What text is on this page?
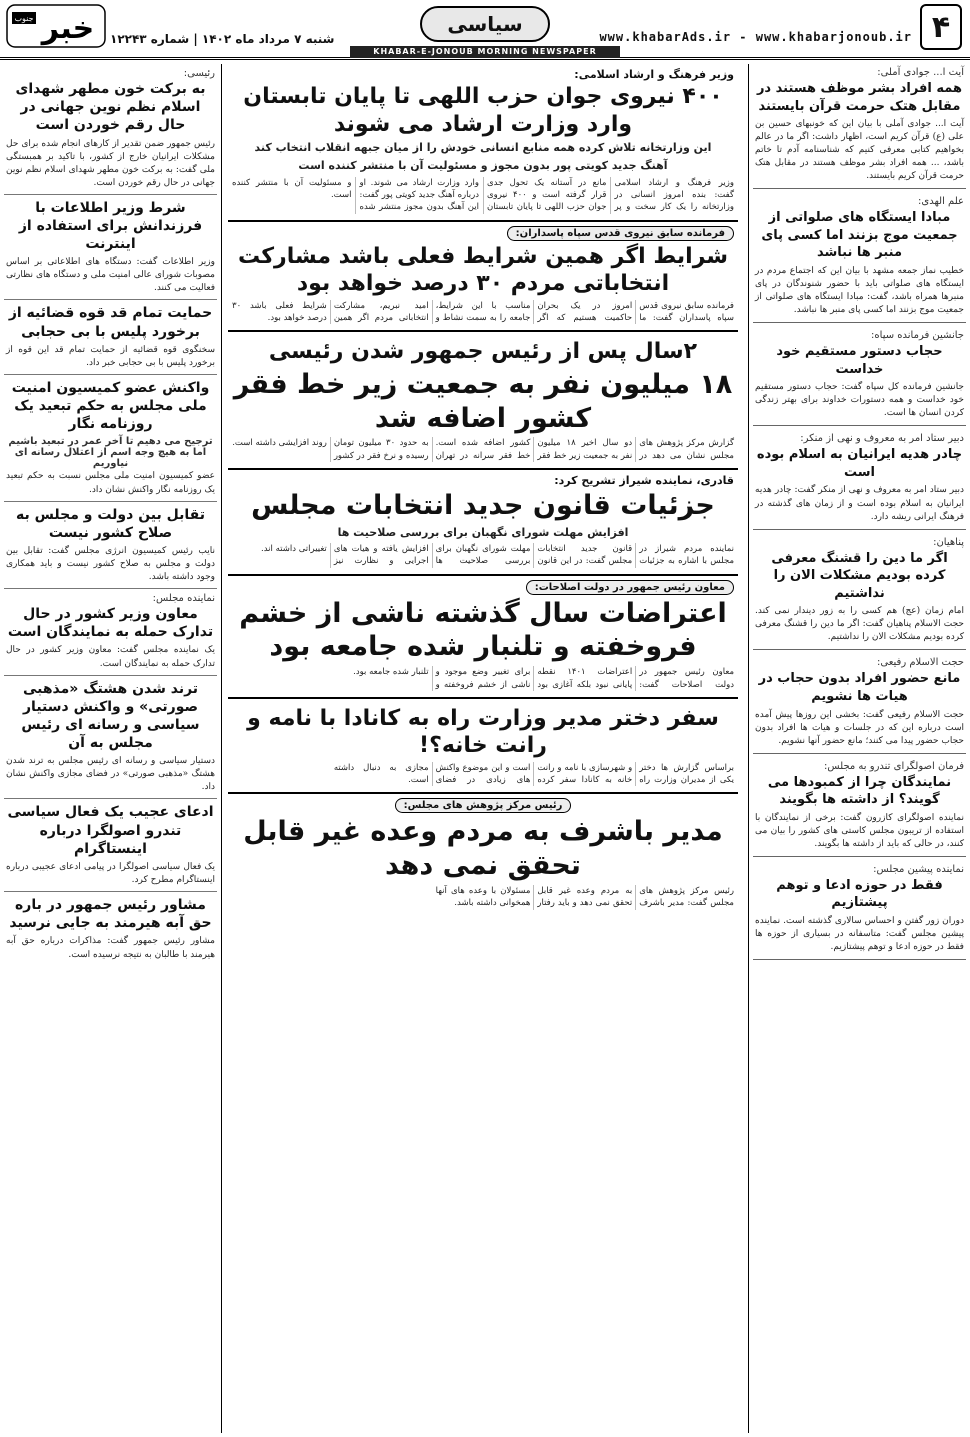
۴
www.khabarAds.ir - www.khabarjonoub.ir
سیاسی
KHABAR-E-JONOUB MORNING NEWSPAPER
خبر
جنوب
شنبه ۷ مرداد ماه ۱۴۰۲ | شماره ۱۲۲۴۳
آیت ا... جوادی آملی:
همه افراد بشر موظف هستند در مقابل هتک حرمت قرآن بایستند
آیت ا... جوادی آملی با بیان این که خونبهای حسین بن علی (ع) قرآن کریم است، اظهار داشت: اگر ما در عالم بخواهیم کتابی معرفی کنیم که شناسنامه آدم تا خاتم باشد، ... همه افراد بشر موظف هستند در مقابل هتک حرمت قرآن کریم بایستند.
علم الهدی:
مبادا ایستگاه های صلواتی از جمعیت موج بزنند اما کسی پای منبر ها نباشد
خطیب نماز جمعه مشهد با بیان این که اجتماع مردم در ایستگاه های صلواتی باید با حضور شنوندگان در پای منبرها همراه باشد، گفت: مبادا ایستگاه های صلواتی از جمعیت موج بزنند اما کسی پای منبر ها نباشد.
جانشین فرمانده سپاه:
حجاب دستور مستقیم خود خداست
جانشین فرمانده کل سپاه گفت: حجاب دستور مستقیم خود خداست و همه دستورات خداوند برای بهتر زندگی کردن انسان ها است.
دبیر ستاد امر به معروف و نهی از منکر:
چادر هدیه ایرانیان به اسلام بوده است
دبیر ستاد امر به معروف و نهی از منکر گفت: چادر هدیه ایرانیان به اسلام بوده است و از زمان های گذشته در فرهنگ ایرانی ریشه دارد.
پناهیان:
اگر ما دین را قشنگ معرفی کرده بودیم مشکلات الان را نداشتیم
امام زمان (عج) هم کسی را به زور دیندار نمی کند. حجت الاسلام پناهیان گفت: اگر ما دین را قشنگ معرفی کرده بودیم مشکلات الان را نداشتیم.
حجت الاسلام رفیعی:
مانع حضور افراد بدون حجاب در هیات ها نشویم
حجت الاسلام رفیعی گفت: بخشی این روزها پیش آمده است درباره این که در جلسات و هیات ها افراد بدون حجاب حضور پیدا می کنند؛ مانع حضور آنها نشویم.
فرمان اصولگرای تندرو به مجلس:
نمایندگان چرا از کمبودها می گویند؟ از داشته ها بگویند
نماینده اصولگرای کازرون گفت: برخی از نمایندگان با استفاده از تریبون مجلس کاستی های کشور را بیان می کنند، در حالی که باید از داشته ها بگویند.
نماینده پیشین مجلس:
فقط در حوزه ادعا و توهم پیشتازیم
دوران زور گفتن و احساس سالاری گذشته است. نماینده پیشین مجلس گفت: متاسفانه در بسیاری از حوزه ها فقط در حوزه ادعا و توهم پیشتازیم.
وزیر فرهنگ و ارشاد اسلامی:
۴۰۰ نیروی جوان حزب اللهی تا پایان تابستان وارد وزارت ارشاد می شوند
این وزارتخانه تلاش کرده همه منابع انسانی خودش را از میان جبهه انقلاب انتخاب کند
آهنگ جدید کویتی پور بدون مجوز و مسئولیت آن با منتشر کننده است
وزیر فرهنگ و ارشاد اسلامی گفت: بنده امروز انسانی در وزارتخانه را یک کار سخت و پر مانع در آستانه یک تحول جدی قرار گرفته است و ۴۰۰ نیروی جوان حزب اللهی تا پایان تابستان وارد وزارت ارشاد می شوند. او درباره آهنگ جدید کویتی پور گفت: این آهنگ بدون مجوز منتشر شده و مسئولیت آن با منتشر کننده است.
فرمانده سابق نیروی قدس سپاه پاسداران:
شرایط اگر همین شرایط فعلی باشد مشارکت انتخاباتی مردم ۳۰ درصد خواهد بود
فرمانده سابق نیروی قدس سپاه پاسداران گفت: ما امروز در یک بحران حاکمیت هستیم که اگر مناسب با این شرایط، جامعه را به سمت نشاط و امید نبریم، مشارکت انتخاباتی مردم اگر همین شرایط فعلی باشد ۳۰ درصد خواهد بود.
۲سال پس از رئیس جمهور شدن رئیسی
۱۸ میلیون نفر به جمعیت زیر خط فقر کشور اضافه شد
گزارش مرکز پژوهش های مجلس نشان می دهد در دو سال اخیر ۱۸ میلیون نفر به جمعیت زیر خط فقر کشور اضافه شده است. خط فقر سرانه در تهران به حدود ۳۰ میلیون تومان رسیده و نرخ فقر در کشور روند افزایشی داشته است.
قادری، نماینده شیراز تشریح کرد:
جزئیات قانون جدید انتخابات مجلس
افزایش مهلت شورای نگهبان برای بررسی صلاحیت ها
نماینده مردم شیراز در مجلس با اشاره به جزئیات قانون جدید انتخابات مجلس گفت: در این قانون مهلت شورای نگهبان برای بررسی صلاحیت ها افزایش یافته و هیات های اجرایی و نظارت نیز تغییراتی داشته اند.
معاون رئیس جمهور در دولت اصلاحات:
اعتراضات سال گذشته ناشی از خشم فروخفته و تلنبار شده جامعه بود
معاون رئیس جمهور در دولت اصلاحات گفت: اعتراضات ۱۴۰۱ نقطه پایانی نبود بلکه آغازی بود برای تغییر وضع موجود و ناشی از خشم فروخفته و تلنبار شده جامعه بود.
سفر دختر مدیر وزارت راه به کانادا با نامه و رانت خانه؟!
براساس گزارش ها دختر یکی از مدیران وزارت راه و شهرسازی با نامه و رانت خانه به کانادا سفر کرده است و این موضوع واکنش های زیادی در فضای مجازی به دنبال داشته است.
رئیس مرکز پژوهش های مجلس:
مدیر باشرف به مردم وعده غیر قابل تحقق نمی دهد
رئیس مرکز پژوهش های مجلس گفت: مدیر باشرف به مردم وعده غیر قابل تحقق نمی دهد و باید رفتار مسئولان با وعده های آنها همخوانی داشته باشد.
رئیسی:
به برکت خون مطهر شهدای اسلام نظم نوین جهانی در حال رقم خوردن است
رئیس جمهور ضمن تقدیر از کارهای انجام شده برای حل مشکلات ایرانیان خارج از کشور، با تاکید بر همبستگی ملی گفت: به برکت خون مطهر شهدای اسلام نظم نوین جهانی در حال رقم خوردن است.
شرط وزیر اطلاعات با فرزندانش برای استفاده از اینترنت
وزیر اطلاعات گفت: دستگاه های اطلاعاتی بر اساس مصوبات شورای عالی امنیت ملی و دستگاه های نظارتی فعالیت می کنند.
حمایت تمام قد قوه قضائیه از برخورد پلیس با بی حجابی
سخنگوی قوه قضائیه از حمایت تمام قد این قوه از برخورد پلیس با بی حجابی خبر داد.
واکنش عضو کمیسیون امنیت ملی مجلس به حکم تبعید یک روزنامه نگار
ترجیح می دهیم تا آخر عمر در تبعید باشیم اما به هیچ وجه اسم از اعتلال رسانه ای نیاوریم
عضو کمیسیون امنیت ملی مجلس نسبت به حکم تبعید یک روزنامه نگار واکنش نشان داد.
تقابل بین دولت و مجلس به صلاح کشور نیست
نایب رئیس کمیسیون انرژی مجلس گفت: تقابل بین دولت و مجلس به صلاح کشور نیست و باید همکاری وجود داشته باشد.
نماینده مجلس:
معاون وزیر کشور در حال تدارک حمله به نمایندگان است
یک نماینده مجلس گفت: معاون وزیر کشور در حال تدارک حمله به نمایندگان است.
ترند شدن هشتگ «مذهبی صورتی» و واکنش دستیار سیاسی و رسانه ای رئیس مجلس به آن
دستیار سیاسی و رسانه ای رئیس مجلس به ترند شدن هشتگ «مذهبی صورتی» در فضای مجازی واکنش نشان داد.
ادعای عجیب یک فعال سیاسی تندرو اصولگرا درباره اینستاگرام
یک فعال سیاسی اصولگرا در پیامی ادعای عجیبی درباره اینستاگرام مطرح کرد.
مشاور رئیس جمهور در باره حق آبه هیرمند به جایی نرسید
مشاور رئیس جمهور گفت: مذاکرات درباره حق آبه هیرمند با طالبان به نتیجه نرسیده است.
